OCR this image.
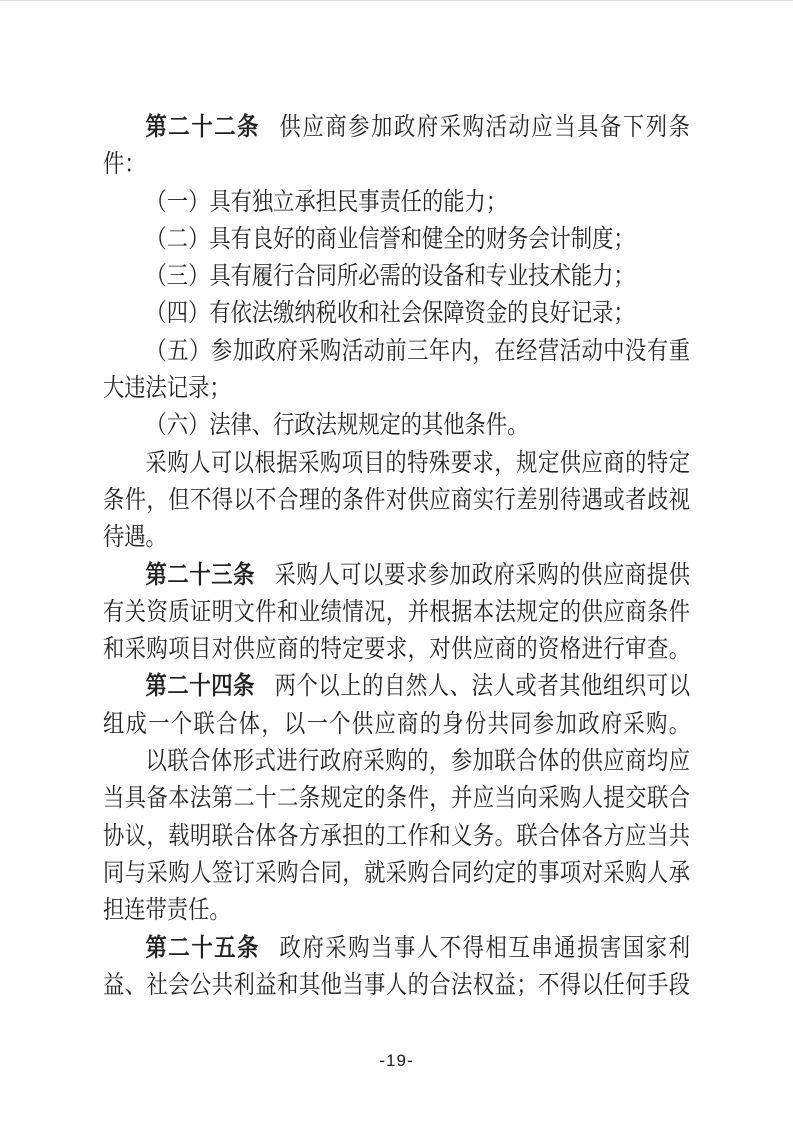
第二十二条 供应商参加政府采购活动应当具备下列条
件：
（一）具有独立承担民事责任的能力；
（二）具有良好的商业信誉和健全的财务会计制度；
（三）具有履行合同所必需的设备和专业技术能力；
（四）有依法缴纳税收和社会保障资金的良好记录；
（五）参加政府采购活动前三年内，在经营活动中没有重
大违法记录；
（六）法律、行政法规规定的其他条件。
采购人可以根据采购项目的特殊要求，规定供应商的特定
条件，但不得以不合理的条件对供应商实行差别待遇或者歧视
待遇。
第二十三条 采购人可以要求参加政府采购的供应商提供
有关资质证明文件和业绩情况，并根据本法规定的供应商条件
和采购项目对供应商的特定要求，对供应商的资格进行审查。
第二十四条 两个以上的自然人、法人或者其他组织可以
组成一个联合体，以一个供应商的身份共同参加政府采购。
以联合体形式进行政府采购的，参加联合体的供应商均应
当具备本法第二十二条规定的条件，并应当向采购人提交联合
协议，载明联合体各方承担的工作和义务。联合体各方应当共
同与采购人签订采购合同，就采购合同约定的事项对采购人承
担连带责任。
第二十五条 政府采购当事人不得相互串通损害国家利
益、社会公共利益和其他当事人的合法权益；不得以任何手段
-19-
